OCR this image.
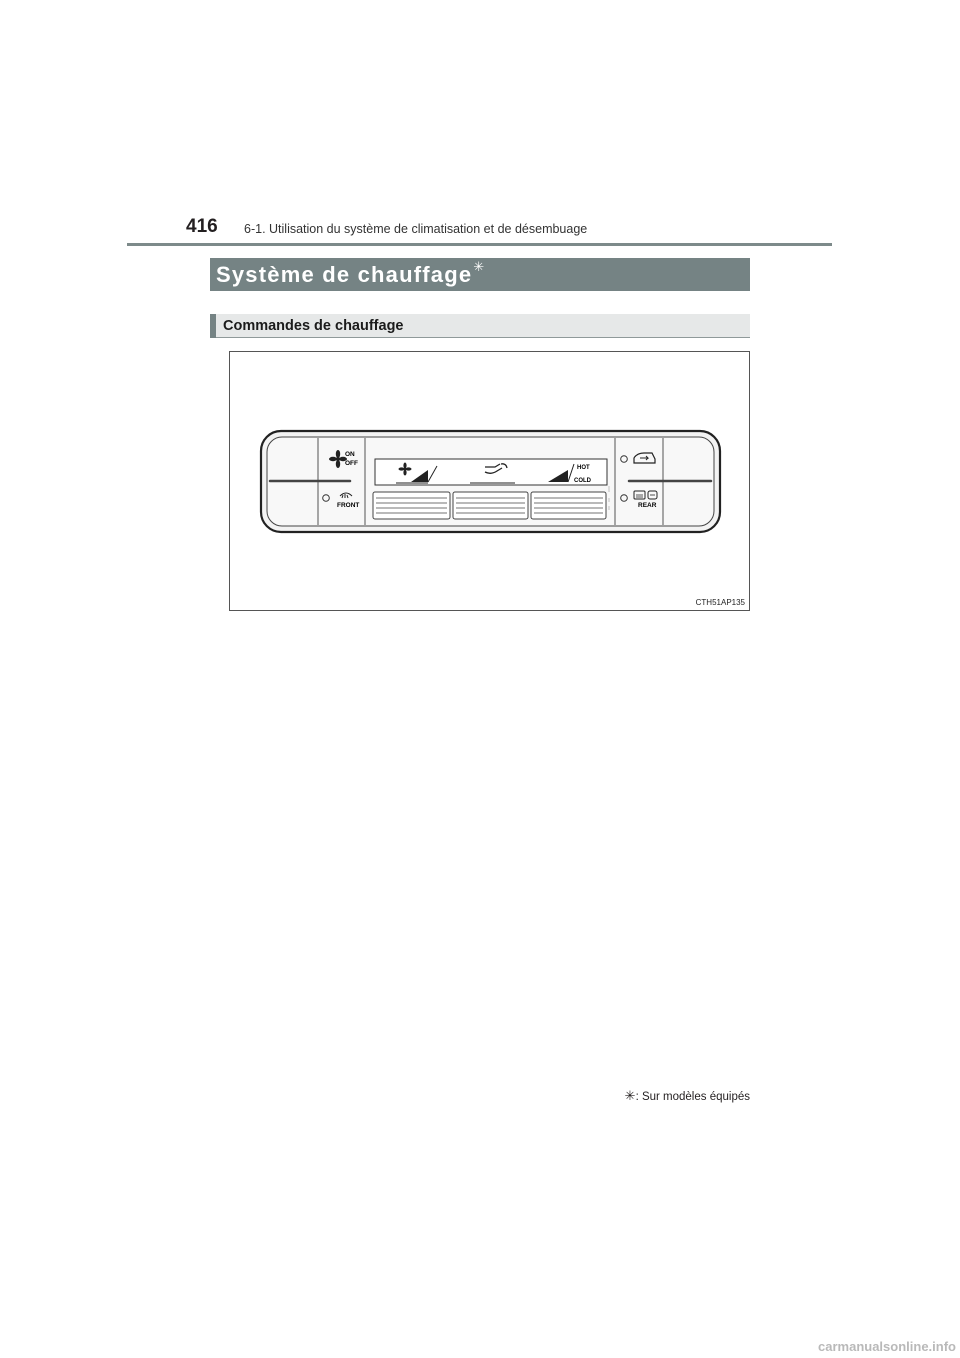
416 6-1. Utilisation du système de climatisation et de désembuage
Système de chauffage✳
Commandes de chauffage
ON
OFF
FRONT
HOT
COLD
REAR
CTH51AP135
✳: Sur modèles équipés
carmanualsonline.info
